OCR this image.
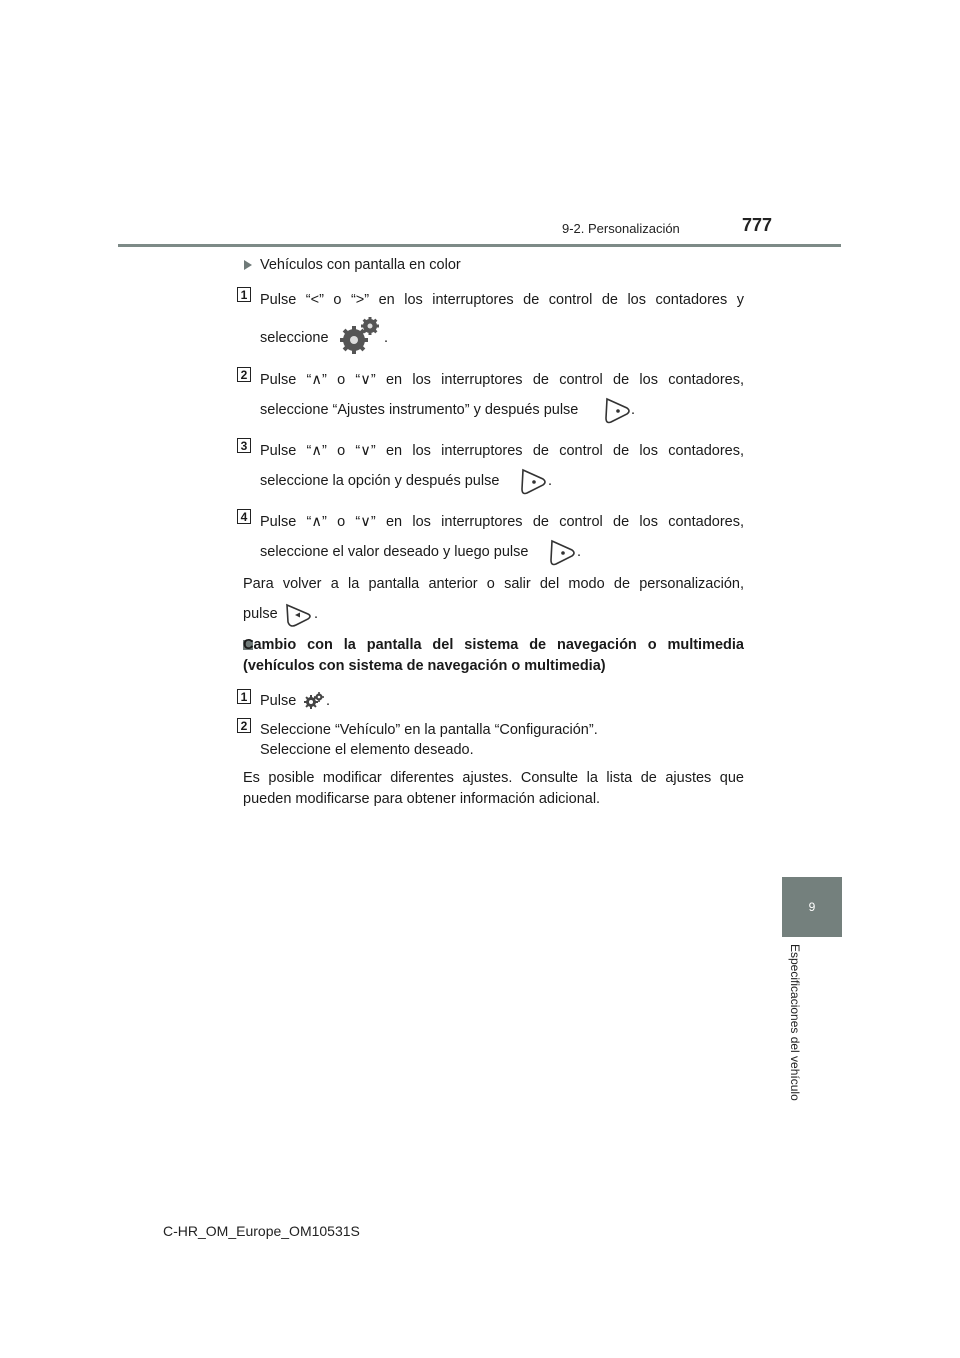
9-2. Personalización	777
9
Especificaciones del vehículo
Vehículos con pantalla en color
1 Pulse “<” o “>” en los interruptores de control de los contadores y
seleccione	.
2 Pulse “∧” o “∨” en los interruptores de control de los contadores,
seleccione “Ajustes instrumento” y después pulse	.
3 Pulse “∧” o “∨” en los interruptores de control de los contadores,
seleccione la opción y después pulse	.
4 Pulse “∧” o “∨” en los interruptores de control de los contadores,
seleccione el valor deseado y luego pulse	.
Para volver a la pantalla anterior o salir del modo de personalización,
pulse	.
Cambio con la pantalla del sistema de navegación o multimedia
(vehículos con sistema de navegación o multimedia)
1 Pulse .
2 Seleccione “Vehículo” en la pantalla “Configuración”.
Seleccione el elemento deseado.
Es posible modificar diferentes ajustes. Consulte la lista de ajustes que
pueden modificarse para obtener información adicional.
C-HR_OM_Europe_OM10531S
